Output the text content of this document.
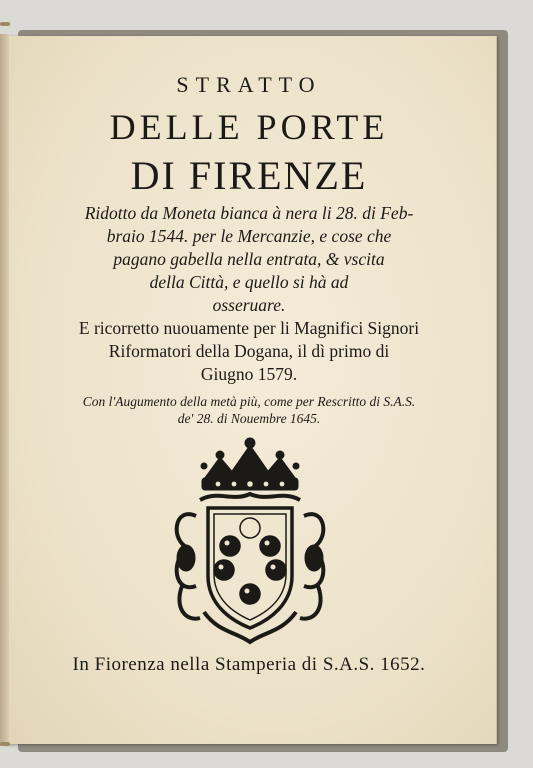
STRATTO
DELLE PORTE
DI FIRENZE
Ridotto da Moneta bianca à nera li 28. di Feb-
braio 1544. per le Mercanzie, e cose che
pagano gabella nella entrata, & vscita
della Città, e quello si hà ad
osseruare.
E ricorretto nuouamente per li Magnifici Signori
Riformatori della Dogana, il dì primo di
Giugno 1579.
Con l'Augumento della metà più, come per Rescritto di S.A.S.
de' 28. di Nouembre 1645.
In Fiorenza nella Stamperia di S.A.S. 1652.
